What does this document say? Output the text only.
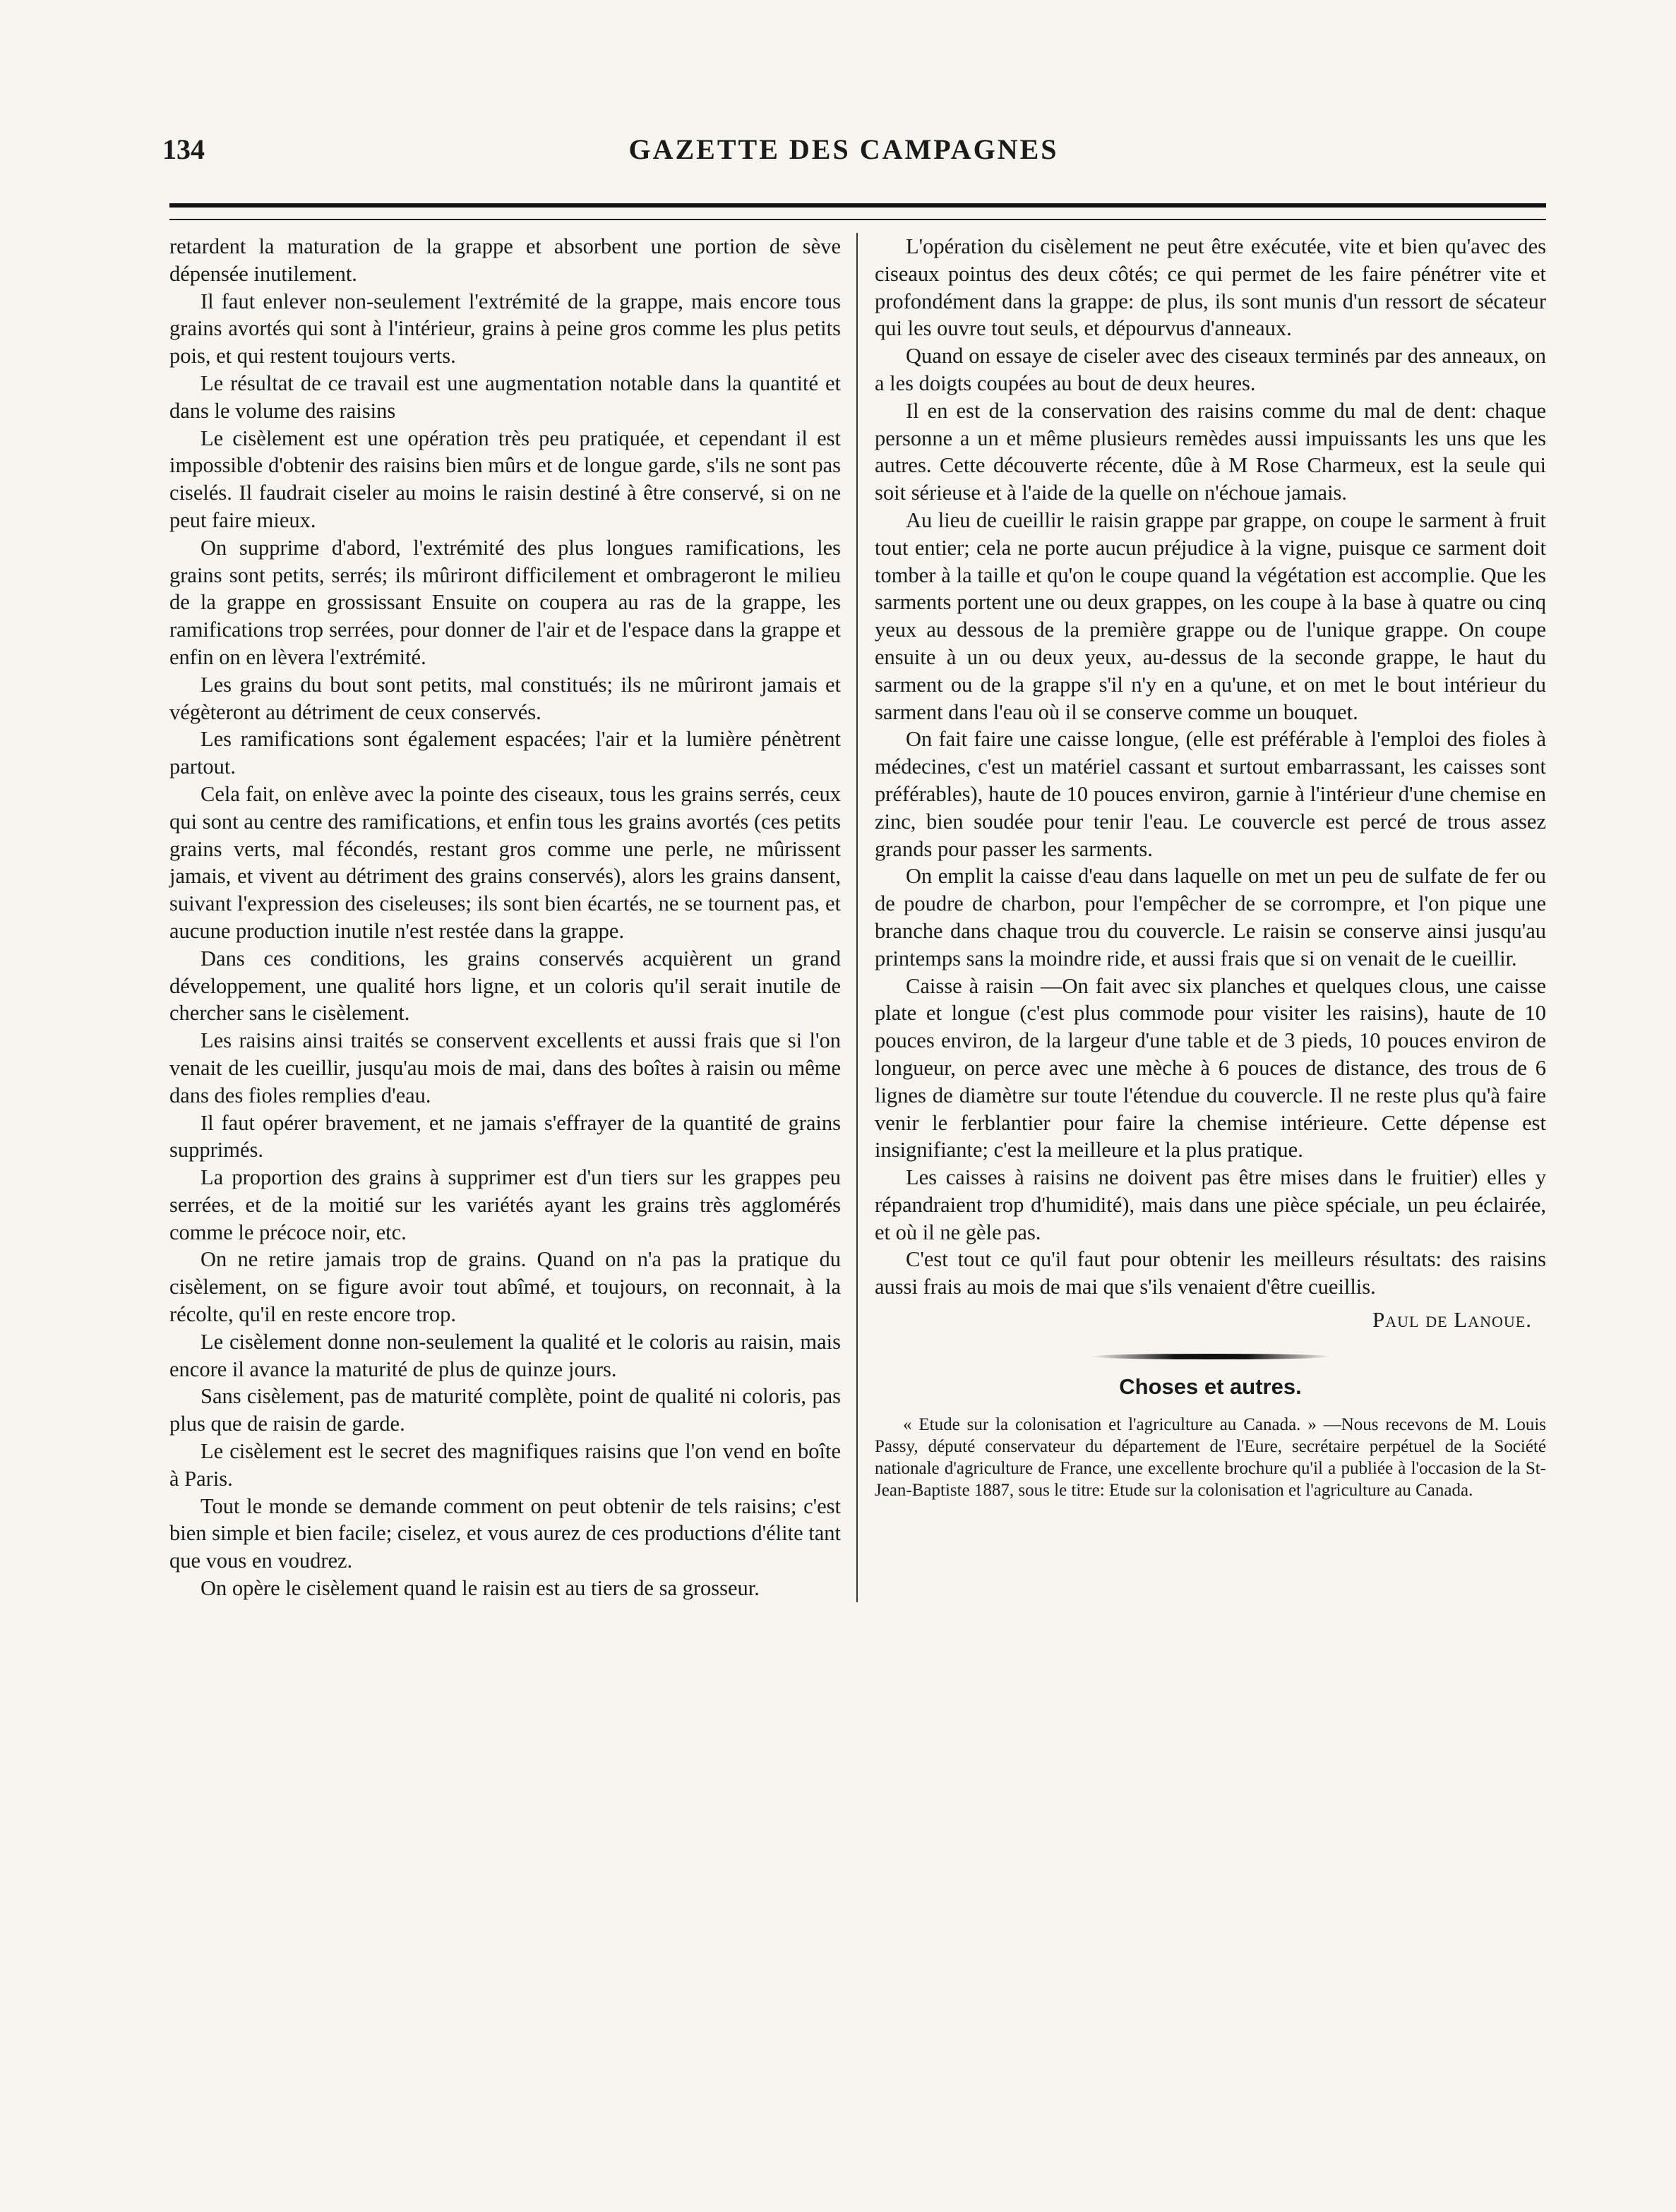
134	GAZETTE DES CAMPAGNES

retardent la maturation de la grappe et absorbent une portion de sève dépensée inutilement.

Il faut enlever non-seulement l'extrémité de la grappe, mais encore tous grains avortés qui sont à l'intérieur, grains à peine gros comme les plus petits pois, et qui restent toujours verts.

Le résultat de ce travail est une augmentation notable dans la quantité et dans le volume des raisins

Le cisèlement est une opération très peu pratiquée, et cependant il est impossible d'obtenir des raisins bien mûrs et de longue garde, s'ils ne sont pas ciselés. Il faudrait ciseler au moins le raisin destiné à être conservé, si on ne peut faire mieux.

On supprime d'abord, l'extrémité des plus longues ramifications, les grains sont petits, serrés; ils mûriront difficilement et ombrageront le milieu de la grappe en grossissant Ensuite on coupera au ras de la grappe, les ramifications trop serrées, pour donner de l'air et de l'espace dans la grappe et enfin on en lèvera l'extrémité.

Les grains du bout sont petits, mal constitués; ils ne mûriront jamais et végèteront au détriment de ceux conservés.

Les ramifications sont également espacées; l'air et la lumière pénètrent partout.

Cela fait, on enlève avec la pointe des ciseaux, tous les grains serrés, ceux qui sont au centre des ramifications, et enfin tous les grains avortés (ces petits grains verts, mal fécondés, restant gros comme une perle, ne mûrissent jamais, et vivent au détriment des grains conservés), alors les grains dansent, suivant l'expression des ciseleuses; ils sont bien écartés, ne se tournent pas, et aucune production inutile n'est restée dans la grappe.

Dans ces conditions, les grains conservés acquièrent un grand développement, une qualité hors ligne, et un coloris qu'il serait inutile de chercher sans le cisèlement.

Les raisins ainsi traités se conservent excellents et aussi frais que si l'on venait de les cueillir, jusqu'au mois de mai, dans des boîtes à raisin ou même dans des fioles remplies d'eau.

Il faut opérer bravement, et ne jamais s'effrayer de la quantité de grains supprimés.

La proportion des grains à supprimer est d'un tiers sur les grappes peu serrées, et de la moitié sur les variétés ayant les grains très agglomérés comme le précoce noir, etc.

On ne retire jamais trop de grains. Quand on n'a pas la pratique du cisèlement, on se figure avoir tout abîmé, et toujours, on reconnait, à la récolte, qu'il en reste encore trop.

Le cisèlement donne non-seulement la qualité et le coloris au raisin, mais encore il avance la maturité de plus de quinze jours.

Sans cisèlement, pas de maturité complète, point de qualité ni coloris, pas plus que de raisin de garde.

Le cisèlement est le secret des magnifiques raisins que l'on vend en boîte à Paris.

Tout le monde se demande comment on peut obtenir de tels raisins; c'est bien simple et bien facile; ciselez, et vous aurez de ces productions d'élite tant que vous en voudrez.

On opère le cisèlement quand le raisin est au tiers de sa grosseur.

L'opération du cisèlement ne peut être exécutée, vite et bien qu'avec des ciseaux pointus des deux côtés; ce qui permet de les faire pénétrer vite et profondément dans la grappe: de plus, ils sont munis d'un ressort de sécateur qui les ouvre tout seuls, et dépourvus d'anneaux.

Quand on essaye de ciseler avec des ciseaux terminés par des anneaux, on a les doigts coupées au bout de deux heures.

Il en est de la conservation des raisins comme du mal de dent: chaque personne a un et même plusieurs remèdes aussi impuissants les uns que les autres. Cette découverte récente, dûe à M Rose Charmeux, est la seule qui soit sérieuse et à l'aide de la quelle on n'échoue jamais.

Au lieu de cueillir le raisin grappe par grappe, on coupe le sarment à fruit tout entier; cela ne porte aucun préjudice à la vigne, puisque ce sarment doit tomber à la taille et qu'on le coupe quand la végétation est accomplie. Que les sarments portent une ou deux grappes, on les coupe à la base à quatre ou cinq yeux au dessous de la première grappe ou de l'unique grappe. On coupe ensuite à un ou deux yeux, au-dessus de la seconde grappe, le haut du sarment ou de la grappe s'il n'y en a qu'une, et on met le bout intérieur du sarment dans l'eau où il se conserve comme un bouquet.

On fait faire une caisse longue, (elle est préférable à l'emploi des fioles à médecines, c'est un matériel cassant et surtout embarrassant, les caisses sont préférables), haute de 10 pouces environ, garnie à l'intérieur d'une chemise en zinc, bien soudée pour tenir l'eau. Le couvercle est percé de trous assez grands pour passer les sarments.

On emplit la caisse d'eau dans laquelle on met un peu de sulfate de fer ou de poudre de charbon, pour l'empêcher de se corrompre, et l'on pique une branche dans chaque trou du couvercle. Le raisin se conserve ainsi jusqu'au printemps sans la moindre ride, et aussi frais que si on venait de le cueillir.

Caisse à raisin —On fait avec six planches et quelques clous, une caisse plate et longue (c'est plus commode pour visiter les raisins), haute de 10 pouces environ, de la largeur d'une table et de 3 pieds, 10 pouces environ de longueur, on perce avec une mèche à 6 pouces de distance, des trous de 6 lignes de diamètre sur toute l'étendue du couvercle. Il ne reste plus qu'à faire venir le ferblantier pour faire la chemise intérieure. Cette dépense est insignifiante; c'est la meilleure et la plus pratique.

Les caisses à raisins ne doivent pas être mises dans le fruitier) elles y répandraient trop d'humidité), mais dans une pièce spéciale, un peu éclairée, et où il ne gèle pas.

C'est tout ce qu'il faut pour obtenir les meilleurs résultats: des raisins aussi frais au mois de mai que s'ils venaient d'être cueillis.

Paul de Lanoue.
Choses et autres.

« Etude sur la colonisation et l'agriculture au Canada. » —Nous recevons de M. Louis Passy, député conservateur du département de l'Eure, secrétaire perpétuel de la Société nationale d'agriculture de France, une excellente brochure qu'il a publiée à l'occasion de la St-Jean-Baptiste 1887, sous le titre: Etude sur la colonisation et l'agriculture au Canada.
